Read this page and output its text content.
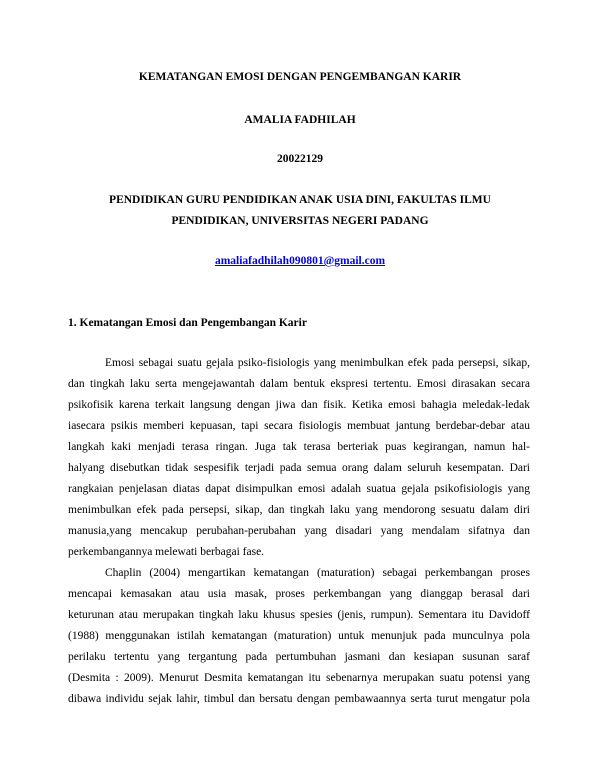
KEMATANGAN EMOSI DENGAN PENGEMBANGAN KARIR
AMALIA FADHILAH
20022129
PENDIDIKAN GURU PENDIDIKAN ANAK USIA DINI, FAKULTAS ILMU
PENDIDIKAN, UNIVERSITAS NEGERI PADANG
amaliafadhilah090801@gmail.com
1. Kematangan Emosi dan Pengembangan Karir
Emosi sebagai suatu gejala psiko-fisiologis yang menimbulkan efek pada persepsi, sikap,
dan tingkah laku serta mengejawantah dalam bentuk ekspresi tertentu. Emosi dirasakan secara
psikofisik karena terkait langsung dengan jiwa dan fisik. Ketika emosi bahagia meledak-ledak
iasecara psikis memberi kepuasan, tapi secara fisiologis membuat jantung berdebar-debar atau
langkah kaki menjadi terasa ringan. Juga tak terasa berteriak puas kegirangan, namun hal-
halyang disebutkan tidak sespesifik terjadi pada semua orang dalam seluruh kesempatan. Dari
rangkaian penjelasan diatas dapat disimpulkan emosi adalah suatua gejala psikofisiologis yang
menimbulkan efek pada persepsi, sikap, dan tingkah laku yang mendorong sesuatu dalam diri
manusia,yang mencakup perubahan-perubahan yang disadari yang mendalam sifatnya dan
perkembangannya melewati berbagai fase.
Chaplin (2004) mengartikan kematangan (maturation) sebagai perkembangan proses
mencapai kemasakan atau usia masak, proses perkembangan yang dianggap berasal dari
keturunan atau merupakan tingkah laku khusus spesies (jenis, rumpun). Sementara itu Davidoff
(1988) menggunakan istilah kematangan (maturation) untuk menunjuk pada munculnya pola
perilaku tertentu yang tergantung pada pertumbuhan jasmani dan kesiapan susunan saraf
(Desmita : 2009). Menurut Desmita kematangan itu sebenarnya merupakan suatu potensi yang
dibawa individu sejak lahir, timbul dan bersatu dengan pembawaannya serta turut mengatur pola
